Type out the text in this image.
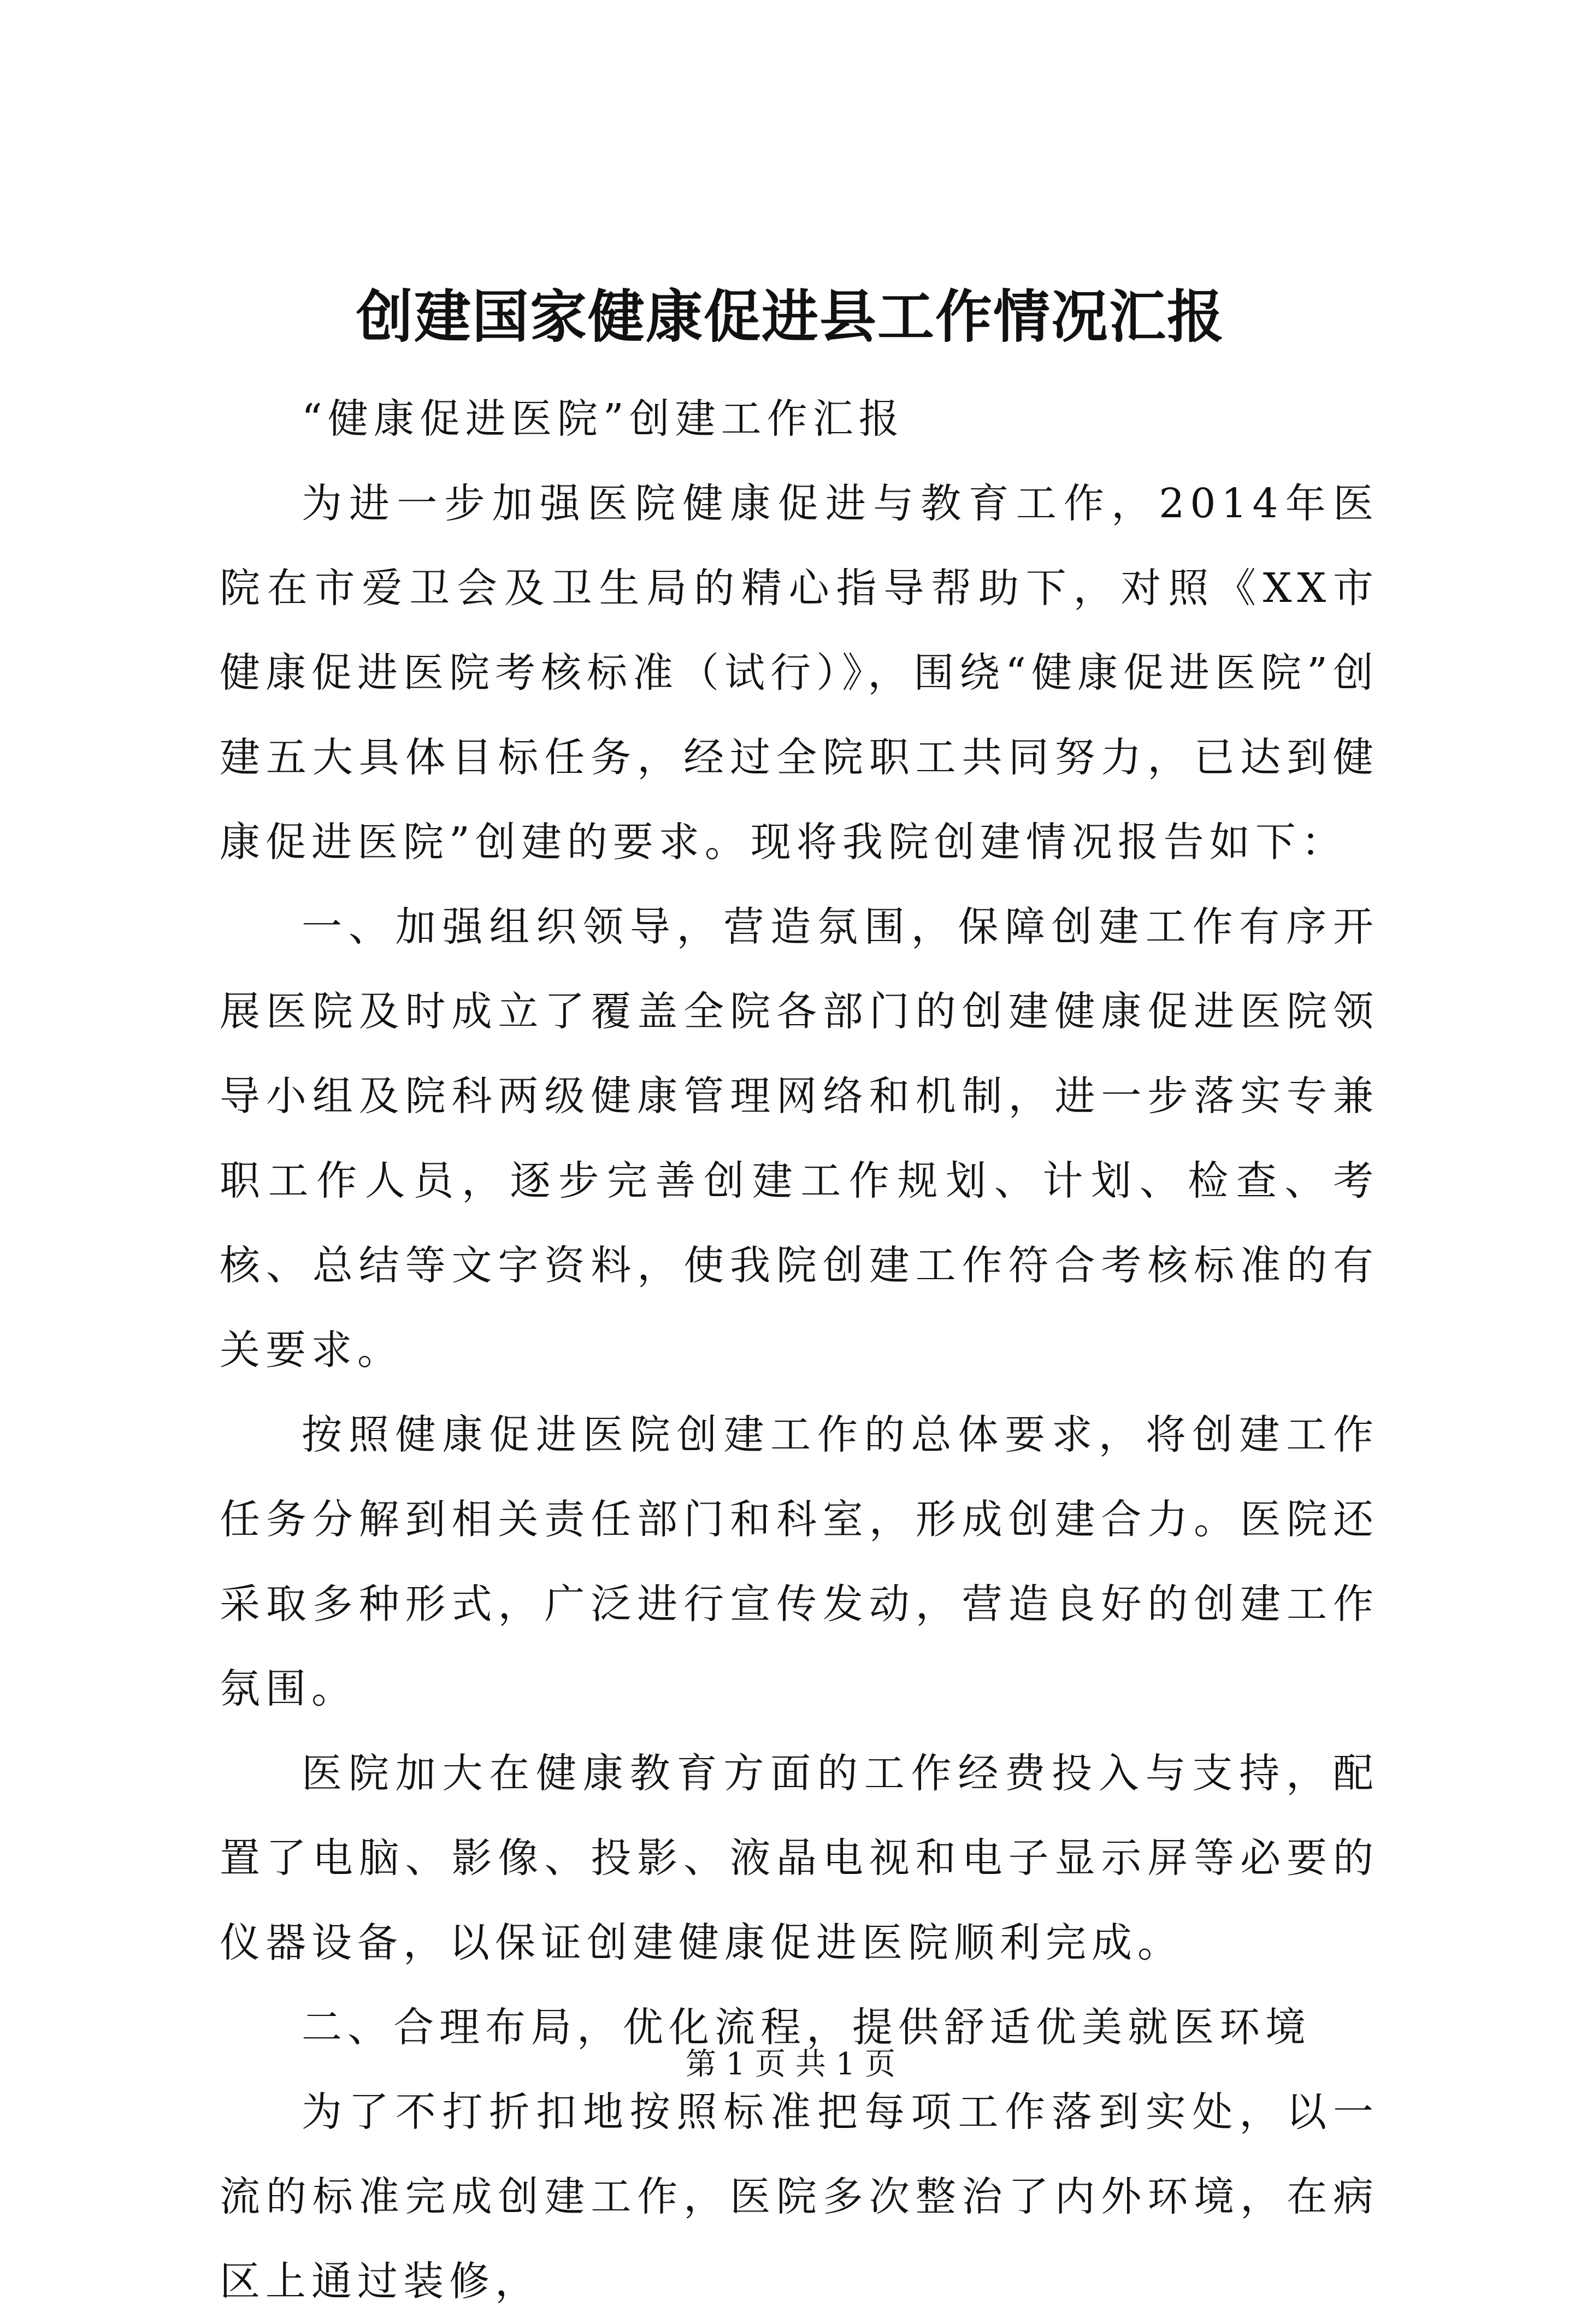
创建国家健康促进县工作情况汇报

“健康促进医院”创建工作汇报

为进一步加强医院健康促进与教育工作，2014年医院在市爱卫会及卫生局的精心指导帮助下，对照《XX市健康促进医院考核标准（试行）》，围绕“健康促进医院”创建五大具体目标任务，经过全院职工共同努力，已达到健康促进医院”创建的要求。现将我院创建情况报告如下：

一、加强组织领导，营造氛围，保障创建工作有序开展医院及时成立了覆盖全院各部门的创建健康促进医院领导小组及院科两级健康管理网络和机制，进一步落实专兼职工作人员，逐步完善创建工作规划、计划、检查、考核、总结等文字资料，使我院创建工作符合考核标准的有关要求。

按照健康促进医院创建工作的总体要求，将创建工作任务分解到相关责任部门和科室，形成创建合力。医院还采取多种形式，广泛进行宣传发动，营造良好的创建工作氛围。

医院加大在健康教育方面的工作经费投入与支持，配置了电脑、影像、投影、液晶电视和电子显示屏等必要的仪器设备，以保证创建健康促进医院顺利完成。

二、合理布局，优化流程，提供舒适优美就医环境

为了不打折扣地按照标准把每项工作落到实处，以一流的标准完成创建工作，医院多次整治了内外环境，在病区上通过装修，

第 1 页 共 1 页
